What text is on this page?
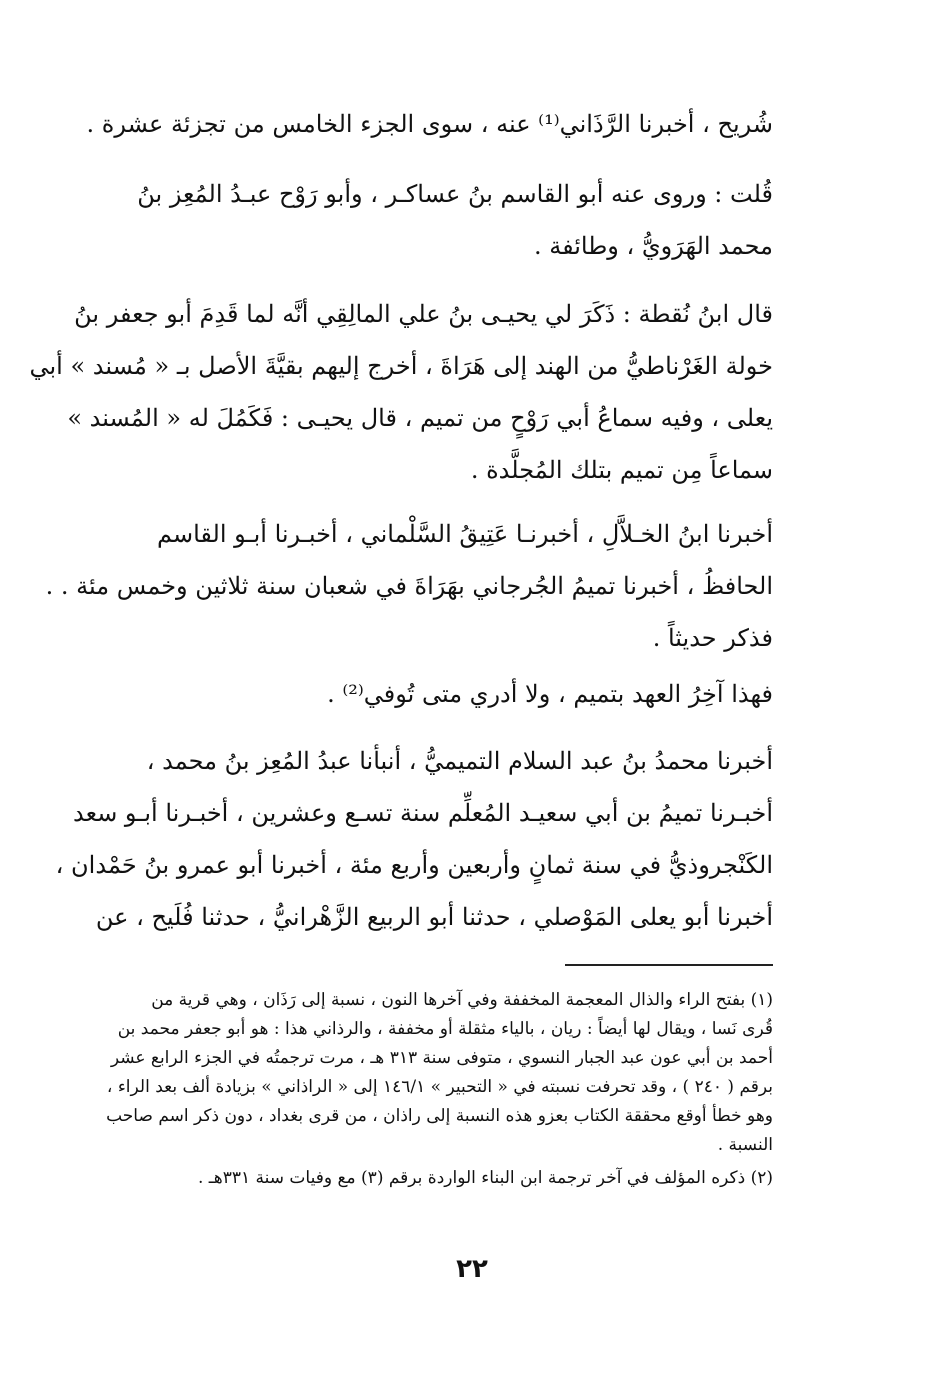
شُريح ، أخبرنا الرَّذَاني⁽¹⁾ عنه ، سوى الجزء الخامس من تجزئة عشرة .
قُلت : وروى عنه أبو القاسم بنُ عساكـر ، وأبو رَوْح عبـدُ المُعِز بنُ
محمد الهَرَويُّ ، وطائفة .
قال ابنُ نُقطة : ذَكَرَ لي يحيـى بنُ علي المالِقِي أنَّه لما قَدِمَ أبو جعفر بنُ
خولة الغَرْناطيُّ من الهند إلى هَرَاةَ ، أخرج إليهم بقيَّةَ الأصل بـ « مُسند » أبي
يعلى ، وفيه سماعُ أبي رَوْحٍ من تميم ، قال يحيـى : فَكَمُلَ له « المُسند »
سماعاً مِن تميم بتلك المُجلَّدة .
أخبرنا ابنُ الخـلاَّلِ ، أخبرنـا عَتِيقُ السَّلْماني ، أخبـرنا أبـو القاسم
الحافظُ ، أخبرنا تميمُ الجُرجاني بهَرَاةَ في شعبان سنة ثلاثين وخمس مئة . .
فذكر حديثاً .
فهذا آخِرُ العهد بتميم ، ولا أدري متى تُوفي⁽²⁾ .
أخبرنا محمدُ بنُ عبد السلام التميميُّ ، أنبأنا عبدُ المُعِز بنُ محمد ،
أخبـرنا تميمُ بن أبي سعيـد المُعلِّم سنة تسـع وعشرين ، أخبـرنا أبـو سعد
الكَنْجروذيُّ في سنة ثمانٍ وأربعين وأربع مئة ، أخبرنا أبو عمرو بنُ حَمْدان ،
أخبرنا أبو يعلى المَوْصلي ، حدثنا أبو الربيع الزَّهْرانيُّ ، حدثنا فُلَيح ، عن
(١) بفتح الراء والذال المعجمة المخففة وفي آخرها النون ، نسبة إلى رَذَان ، وهي قرية من
قُرى نَسا ، ويقال لها أيضاً : ريان ، بالياء مثقلة أو مخففة ، والرذاني هذا : هو أبو جعفر محمد بن
أحمد بن أبي عون عبد الجبار النسوي ، متوفى سنة ٣١٣ هـ ، مرت ترجمتُه في الجزء الرابع عشر
برقم ( ٢٤٠ ) ، وقد تحرفت نسبته في « التحبير » ١٤٦/١ إلى « الراذاني » بزيادة ألف بعد الراء ،
وهو خطأ أوقع محققة الكتاب بعزو هذه النسبة إلى راذان ، من قرى بغداد ، دون ذكر اسم صاحب
النسبة .
(٢) ذكره المؤلف في آخر ترجمة ابن البناء الواردة برقم (٣) مع وفيات سنة ٣٣١هـ .
٢٢
